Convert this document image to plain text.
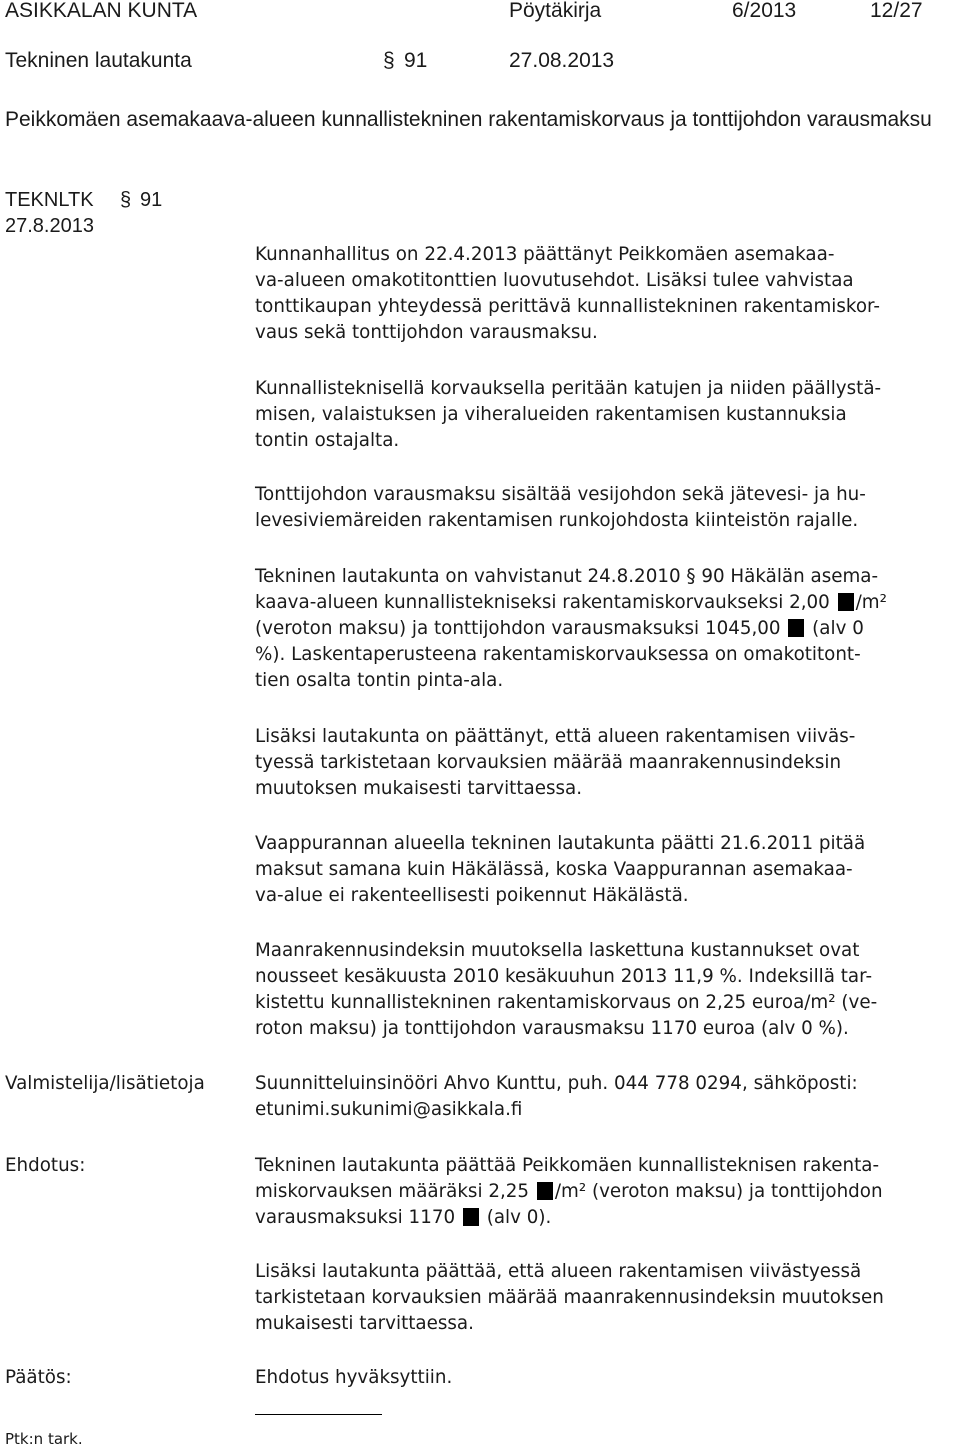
ASIKKALAN KUNTA	Pöytäkirja	6/2013	12/27
Tekninen lautakunta	§ 91	27.08.2013
Peikkomäen asemakaava-alueen kunnallistekninen rakentamiskorvaus ja tonttijohdon varausmaksu
TEKNLTK § 91
27.8.2013

Kunnanhallitus on 22.4.2013 päättänyt Peikkomäen asemakaa-

va-alueen omakotitonttien luovutusehdot. Lisäksi tulee vahvistaa

tonttikaupan yhteydessä perittävä kunnallistekninen rakentamiskor-

vaus sekä tonttijohdon varausmaksu.

Kunnallisteknisellä korvauksella peritään katujen ja niiden päällystä-

misen, valaistuksen ja viheralueiden rakentamisen kustannuksia

tontin ostajalta.

Tonttijohdon varausmaksu sisältää vesijohdon sekä jätevesi- ja hu-

levesiviemäreiden rakentamisen runkojohdosta kiinteistön rajalle.

Tekninen lautakunta on vahvistanut 24.8.2010 § 90 Häkälän asema-

kaava-alueen kunnallistekniseksi rakentamiskorvaukseksi 2,00 /m²

(veroton maksu) ja tonttijohdon varausmaksuksi 1045,00  (alv 0

%). Laskentaperusteena rakentamiskorvauksessa on omakotitont-

tien osalta tontin pinta-ala.

Lisäksi lautakunta on päättänyt, että alueen rakentamisen viiväs-

tyessä tarkistetaan korvauksien määrää maanrakennusindeksin

muutoksen mukaisesti tarvittaessa.

Vaappurannan alueella tekninen lautakunta päätti 21.6.2011 pitää

maksut samana kuin Häkälässä, koska Vaappurannan asemakaa-

va-alue ei rakenteellisesti poikennut Häkälästä.

Maanrakennusindeksin muutoksella laskettuna kustannukset ovat

nousseet kesäkuusta 2010 kesäkuuhun 2013 11,9 %. Indeksillä tar-

kistettu kunnallistekninen rakentamiskorvaus on 2,25 euroa/m² (ve-

roton maksu) ja tonttijohdon varausmaksu 1170 euroa (alv 0 %).

Valmistelija/lisätietoja	Suunnitteluinsinööri Ahvo Kunttu, puh. 044 778 0294, sähköposti:

etunimi.sukunimi@asikkala.fi

Ehdotus:	Tekninen lautakunta päättää Peikkomäen kunnallisteknisen rakenta-

miskorvauksen määräksi 2,25 /m² (veroton maksu) ja tonttijohdon

varausmaksuksi 1170  (alv 0).

Lisäksi lautakunta päättää, että alueen rakentamisen viivästyessä

tarkistetaan korvauksien määrää maanrakennusindeksin muutoksen

mukaisesti tarvittaessa.

Päätös:	Ehdotus hyväksyttiin.

Ptk:n tark.
